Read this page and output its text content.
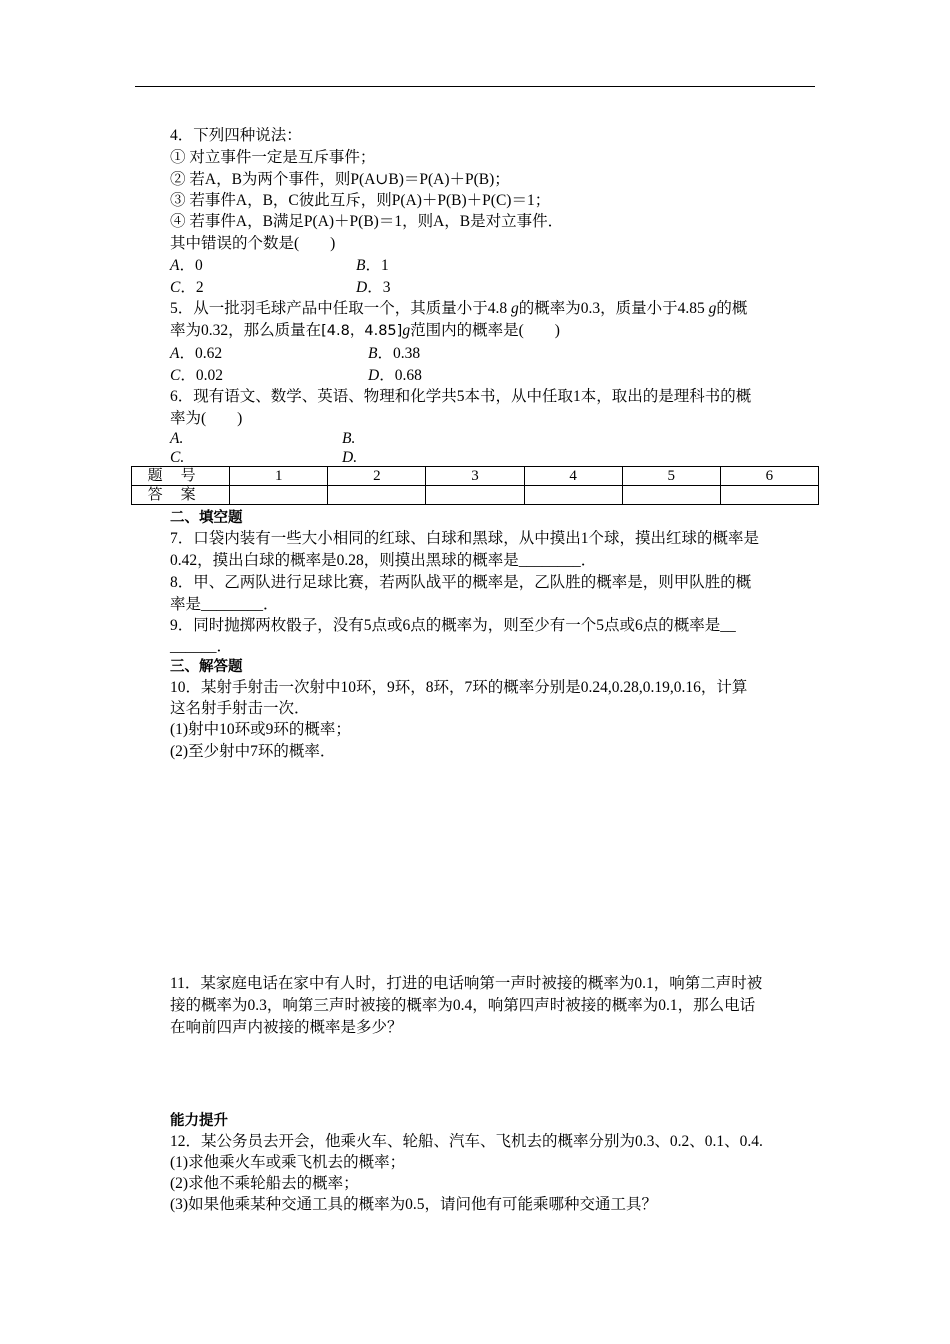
4．下列四种说法：
① 对立事件一定是互斥事件；
② 若A，B为两个事件，则P(A∪B)＝P(A)＋P(B)；
③ 若事件A，B，C彼此互斥，则P(A)＋P(B)＋P(C)＝1；
④ 若事件A，B满足P(A)＋P(B)＝1，则A，B是对立事件．
其中错误的个数是(　　)
A．0	B．1
C．2	D．3
5．从一批羽毛球产品中任取一个，其质量小于4.8 g的概率为0.3，质量小于4.85 g的概
率为0.32，那么质量在[4.8，4.85]g范围内的概率是(　　)
A．0.62	B．0.38
C．0.02	D．0.68
6．现有语文、数学、英语、物理和化学共5本书，从中任取1本，取出的是理科书的概
率为(　　)
A.	B.
C.	D.
题号	1	2	3	4	5	6
答案						
二、填空题
7．口袋内装有一些大小相同的红球、白球和黑球，从中摸出1个球，摸出红球的概率是
0.42，摸出白球的概率是0.28，则摸出黑球的概率是________．
8．甲、乙两队进行足球比赛，若两队战平的概率是，乙队胜的概率是，则甲队胜的概
率是________．
9．同时抛掷两枚骰子，没有5点或6点的概率为，则至少有一个5点或6点的概率是__
______．
三、解答题
10．某射手射击一次射中10环，9环，8环，7环的概率分别是0.24,0.28,0.19,0.16，计算
这名射手射击一次．
(1)射中10环或9环的概率；
(2)至少射中7环的概率．
11．某家庭电话在家中有人时，打进的电话响第一声时被接的概率为0.1，响第二声时被
接的概率为0.3，响第三声时被接的概率为0.4，响第四声时被接的概率为0.1，那么电话
在响前四声内被接的概率是多少？
能力提升
12．某公务员去开会，他乘火车、轮船、汽车、飞机去的概率分别为0.3、0.2、0.1、0.4.
(1)求他乘火车或乘飞机去的概率；
(2)求他不乘轮船去的概率；
(3)如果他乘某种交通工具的概率为0.5，请问他有可能乘哪种交通工具？
